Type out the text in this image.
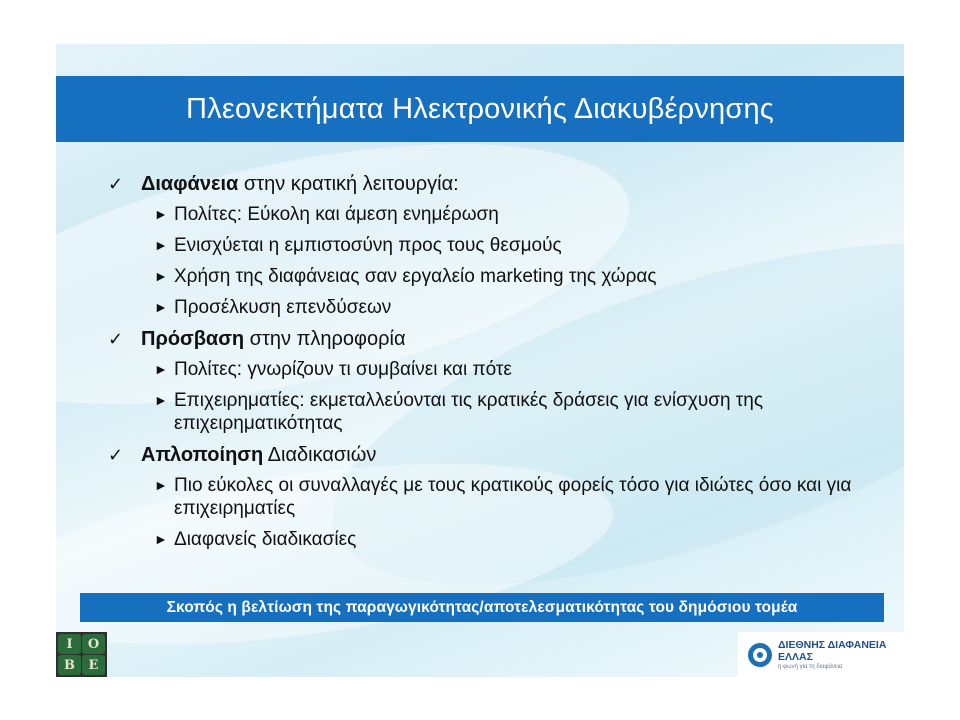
Πλεονεκτήματα Ηλεκτρονικής Διακυβέρνησης
✓ Διαφάνεια στην κρατική λειτουργία:
► Πολίτες: Εύκολη και άμεση ενημέρωση
► Ενισχύεται η εμπιστοσύνη προς τους θεσμούς
► Χρήση της διαφάνειας σαν εργαλείο marketing της χώρας
► Προσέλκυση επενδύσεων
✓ Πρόσβαση στην πληροφορία
► Πολίτες: γνωρίζουν τι συμβαίνει και πότε
► Επιχειρηματίες: εκμεταλλεύονται τις κρατικές δράσεις για ενίσχυση της επιχειρηματικότητας
✓ Απλοποίηση Διαδικασιών
► Πιο εύκολες οι συναλλαγές με τους κρατικούς φορείς τόσο για ιδιώτες όσο και για επιχειρηματίες
► Διαφανείς διαδικασίες
Σκοπός η βελτίωση της παραγωγικότητας/αποτελεσματικότητας του δημόσιου τομέα
I	O
B	E
ΔΙΕΘΝΗΣ ΔΙΑΦΑΝΕΙΑ
ΕΛΛΑΣ
η φωνή για τη διαφάνεια
